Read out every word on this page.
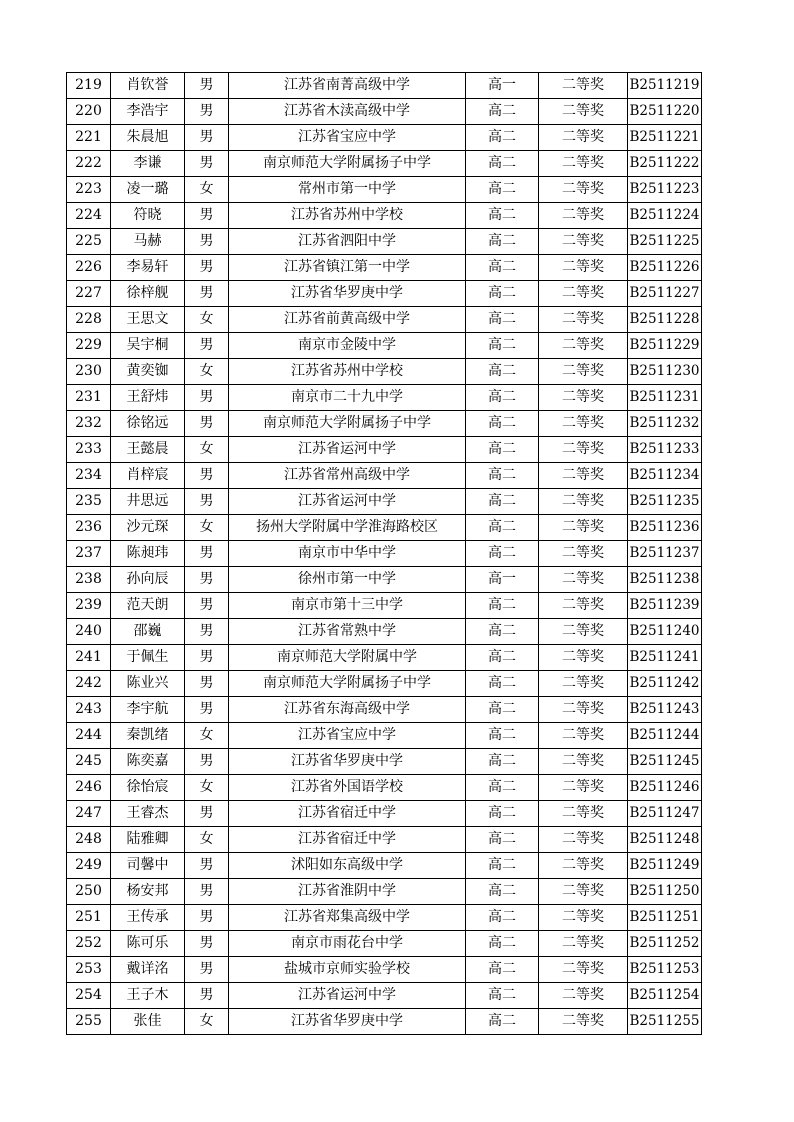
219	肖钦誉	男	江苏省南菁高级中学	高一	二等奖	B2511219
220	李浩宇	男	江苏省木渎高级中学	高二	二等奖	B2511220
221	朱晨旭	男	江苏省宝应中学	高二	二等奖	B2511221
222	李谦	男	南京师范大学附属扬子中学	高二	二等奖	B2511222
223	凌一璐	女	常州市第一中学	高二	二等奖	B2511223
224	符晓	男	江苏省苏州中学校	高二	二等奖	B2511224
225	马赫	男	江苏省泗阳中学	高二	二等奖	B2511225
226	李易轩	男	江苏省镇江第一中学	高二	二等奖	B2511226
227	徐梓舰	男	江苏省华罗庚中学	高二	二等奖	B2511227
228	王思文	女	江苏省前黄高级中学	高二	二等奖	B2511228
229	吴宇桐	男	南京市金陵中学	高二	二等奖	B2511229
230	黄奕铷	女	江苏省苏州中学校	高二	二等奖	B2511230
231	王舒炜	男	南京市二十九中学	高二	二等奖	B2511231
232	徐铭远	男	南京师范大学附属扬子中学	高二	二等奖	B2511232
233	王懿晨	女	江苏省运河中学	高二	二等奖	B2511233
234	肖梓宸	男	江苏省常州高级中学	高二	二等奖	B2511234
235	井思远	男	江苏省运河中学	高二	二等奖	B2511235
236	沙元琛	女	扬州大学附属中学淮海路校区	高二	二等奖	B2511236
237	陈昶玮	男	南京市中华中学	高二	二等奖	B2511237
238	孙向辰	男	徐州市第一中学	高一	二等奖	B2511238
239	范天朗	男	南京市第十三中学	高二	二等奖	B2511239
240	邵巍	男	江苏省常熟中学	高二	二等奖	B2511240
241	于佩生	男	南京师范大学附属中学	高二	二等奖	B2511241
242	陈业兴	男	南京师范大学附属扬子中学	高二	二等奖	B2511242
243	李宇航	男	江苏省东海高级中学	高二	二等奖	B2511243
244	秦凯绪	女	江苏省宝应中学	高二	二等奖	B2511244
245	陈奕嘉	男	江苏省华罗庚中学	高二	二等奖	B2511245
246	徐怡宸	女	江苏省外国语学校	高二	二等奖	B2511246
247	王睿杰	男	江苏省宿迁中学	高二	二等奖	B2511247
248	陆雅卿	女	江苏省宿迁中学	高二	二等奖	B2511248
249	司馨中	男	沭阳如东高级中学	高二	二等奖	B2511249
250	杨安邦	男	江苏省淮阴中学	高二	二等奖	B2511250
251	王传承	男	江苏省郑集高级中学	高二	二等奖	B2511251
252	陈可乐	男	南京市雨花台中学	高二	二等奖	B2511252
253	戴详洺	男	盐城市京师实验学校	高二	二等奖	B2511253
254	王子木	男	江苏省运河中学	高二	二等奖	B2511254
255	张佳	女	江苏省华罗庚中学	高二	二等奖	B2511255
